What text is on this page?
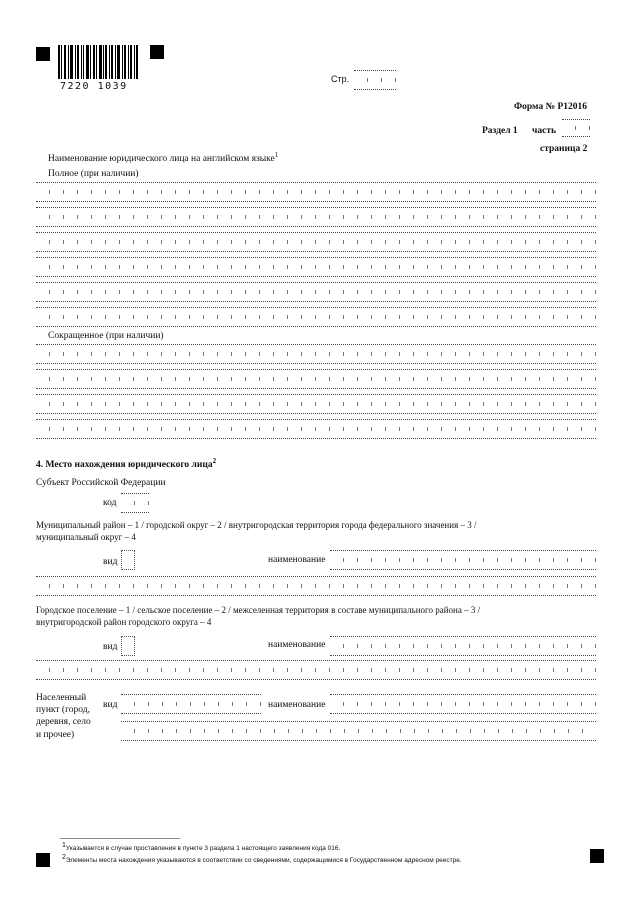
7220 1039
Стр.
Форма № Р12016
Раздел 1 часть
страница 2
Наименование юридического лица на английском языке$^1$
Полное (при наличии)
Сокращенное (при наличии)
4. Место нахождения юридического лица$^2$
Субъект Российской Федерации
код
Муниципальный район – 1 / городской округ – 2 / внутригородская территория города федерального значения – 3 /
муниципальный округ – 4
вид	наименование
Городское поселение – 1 / сельское поселение – 2 / межселенная территория в составе муниципального района – 3 /
внутригородской район городского округа – 4
вид	наименование
Населенный
пункт (город,
деревня, село
и прочее)
вид	наименование
$^1$Указывается в случае проставления в пункте 3 раздела 1 настоящего заявления кода 016.
$^2$Элементы места нахождения указываются в соответствии со сведениями, содержащимися в Государственном адресном реестре.
